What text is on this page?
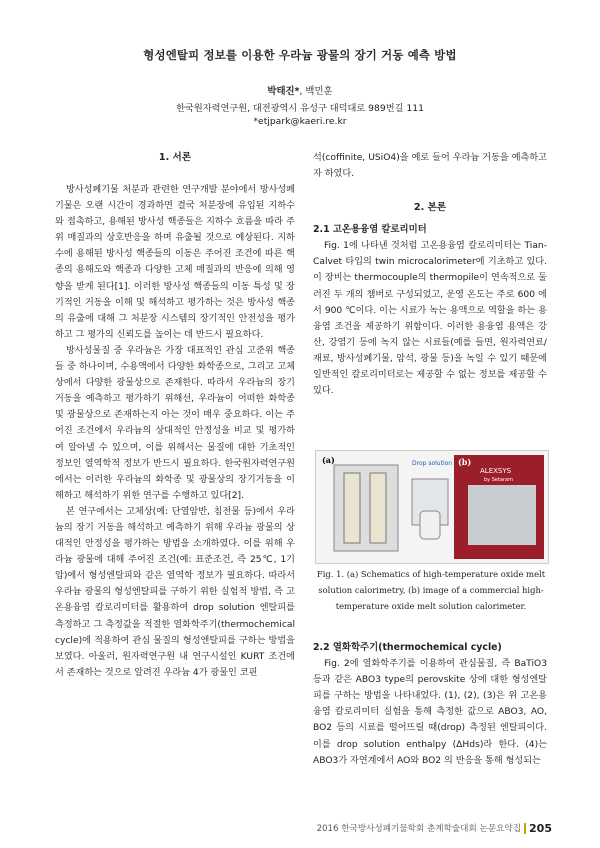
형성엔탈피 정보를 이용한 우라늄 광물의 장기 거동 예측 방법
박태진*, 백민훈
한국원자력연구원, 대전광역시 유성구 대덕대로 989번길 111
*etjpark@kaeri.re.kr
1. 서론

방사성폐기물 처분과 관련한 연구개발 분야에서 방사성폐기물은 오랜 시간이 경과하면 결국 처분장에 유입된 지하수와 접촉하고, 용해된 방사성 핵종들은 지하수 흐름을 따라 주위 매질과의 상호반응을 하며 유출될 것으로 예상된다. 지하수에 용해된 방사성 핵종들의 이동은 주어진 조건에 따른 핵종의 용해도와 핵종과 다양한 고체 매질과의 반응에 의해 영향을 받게 된다[1]. 이러한 방사성 핵종들의 이동 특성 및 장기적인 거동을 이해 및 해석하고 평가하는 것은 방사성 핵종의 유출에 대해 그 처분장 시스템의 장기적인 안전성을 평가하고 그 평가의 신뢰도를 높이는 데 반드시 필요하다.

방사성물질 중 우라늄은 가장 대표적인 관심 고준위 핵종들 중 하나이며, 수용액에서 다양한 화학종으로, 그리고 고체상에서 다양한 광물상으로 존재한다. 따라서 우라늄의 장기거동을 예측하고 평가하기 위해선, 우라늄이 어떠한 화학종 및 광물상으로 존재하는지 아는 것이 매우 중요하다. 이는 주어진 조건에서 우라늄의 상대적인 안정성을 비교 및 평가하여 알아낼 수 있으며, 이를 위해서는 물질에 대한 기초적인 정보인 열역학적 정보가 반드시 필요하다. 한국원자력연구원에서는 이러한 우라늄의 화학종 및 광물상의 장기거동을 이해하고 해석하기 위한 연구를 수행하고 있다[2].

본 연구에서는 고체상(예: 단열암반, 침전물 등)에서 우라늄의 장기 거동을 해석하고 예측하기 위해 우라늄 광물의 상대적인 안정성을 평가하는 방법을 소개하였다. 이를 위해 우라늄 광물에 대해 주어진 조건(예: 표준조건, 즉 25℃, 1기압)에서 형성엔탈피와 같은 열역학 정보가 필요하다. 따라서 우라늄 광물의 형성엔탈피를 구하기 위한 실험적 방법, 즉 고온용융염 칼로리미터를 활용하여 drop solution 엔탈피를 측정하고 그 측정값을 적절한 열화학주기(thermochemical cycle)에 적용하여 관심 물질의 형성엔탈피를 구하는 방법을 보였다. 아울러, 원자력연구원 내 연구시설인 KURT 조건에서 존재하는 것으로 알려진 우라늄 4가 광물인 코핀

석(coffinite, USiO4)을 예로 들어 우라늄 거동을 예측하고자 하였다.

2. 본론
2.1 고온용융염 칼로리미터

Fig. 1에 나타낸 것처럼 고온용융염 칼로리미터는 Tian-Calvet 타입의 twin microcalorimeter에 기초하고 있다. 이 장비는 thermocouple의 thermopile이 연속적으로 둘러진 두 개의 챔버로 구성되었고, 운영 온도는 주로 600 에서 900 ℃이다. 이는 시료가 녹는 용액으로 역할을 하는 용융염 조건을 제공하기 위함이다. 이러한 용융염 용액은 강산, 강염기 등에 녹지 않는 시료들(예를 들면, 원자력연료/재료, 방사성폐기물, 암석, 광물 등)을 녹일 수 있기 때문에 일반적인 칼로리미터로는 제공할 수 없는 정보를 제공할 수 있다.

(a)	Drop solution (b)
ALEXSYS
by Setaram
Fig. 1. (a) Schematics of high-temperature oxide melt solution calorimetry, (b) image of a commercial high-temperature oxide melt solution calorimeter.
2.2 열화학주기(thermochemical cycle)

Fig. 2에 열화학주기를 이용하여 관심물질, 즉 BaTiO3 등과 같은 ABO3 type의 perovskite 상에 대한 형성엔탈피를 구하는 방법을 나타내었다. (1), (2), (3)은 위 고온용융염 칼로리미터 실험을 통해 측정한 값으로 ABO3, AO, BO2 등의 시료를 떨어뜨릴 때(drop) 측정된 엔탈피이다. 이를 drop solution enthalpy (ΔHds)라 한다. (4)는 ABO3가 자연계에서 AO와 BO2 의 반응을 통해 형성되는

2016 한국방사성폐기물학회 춘계학술대회 논문요약집 205
